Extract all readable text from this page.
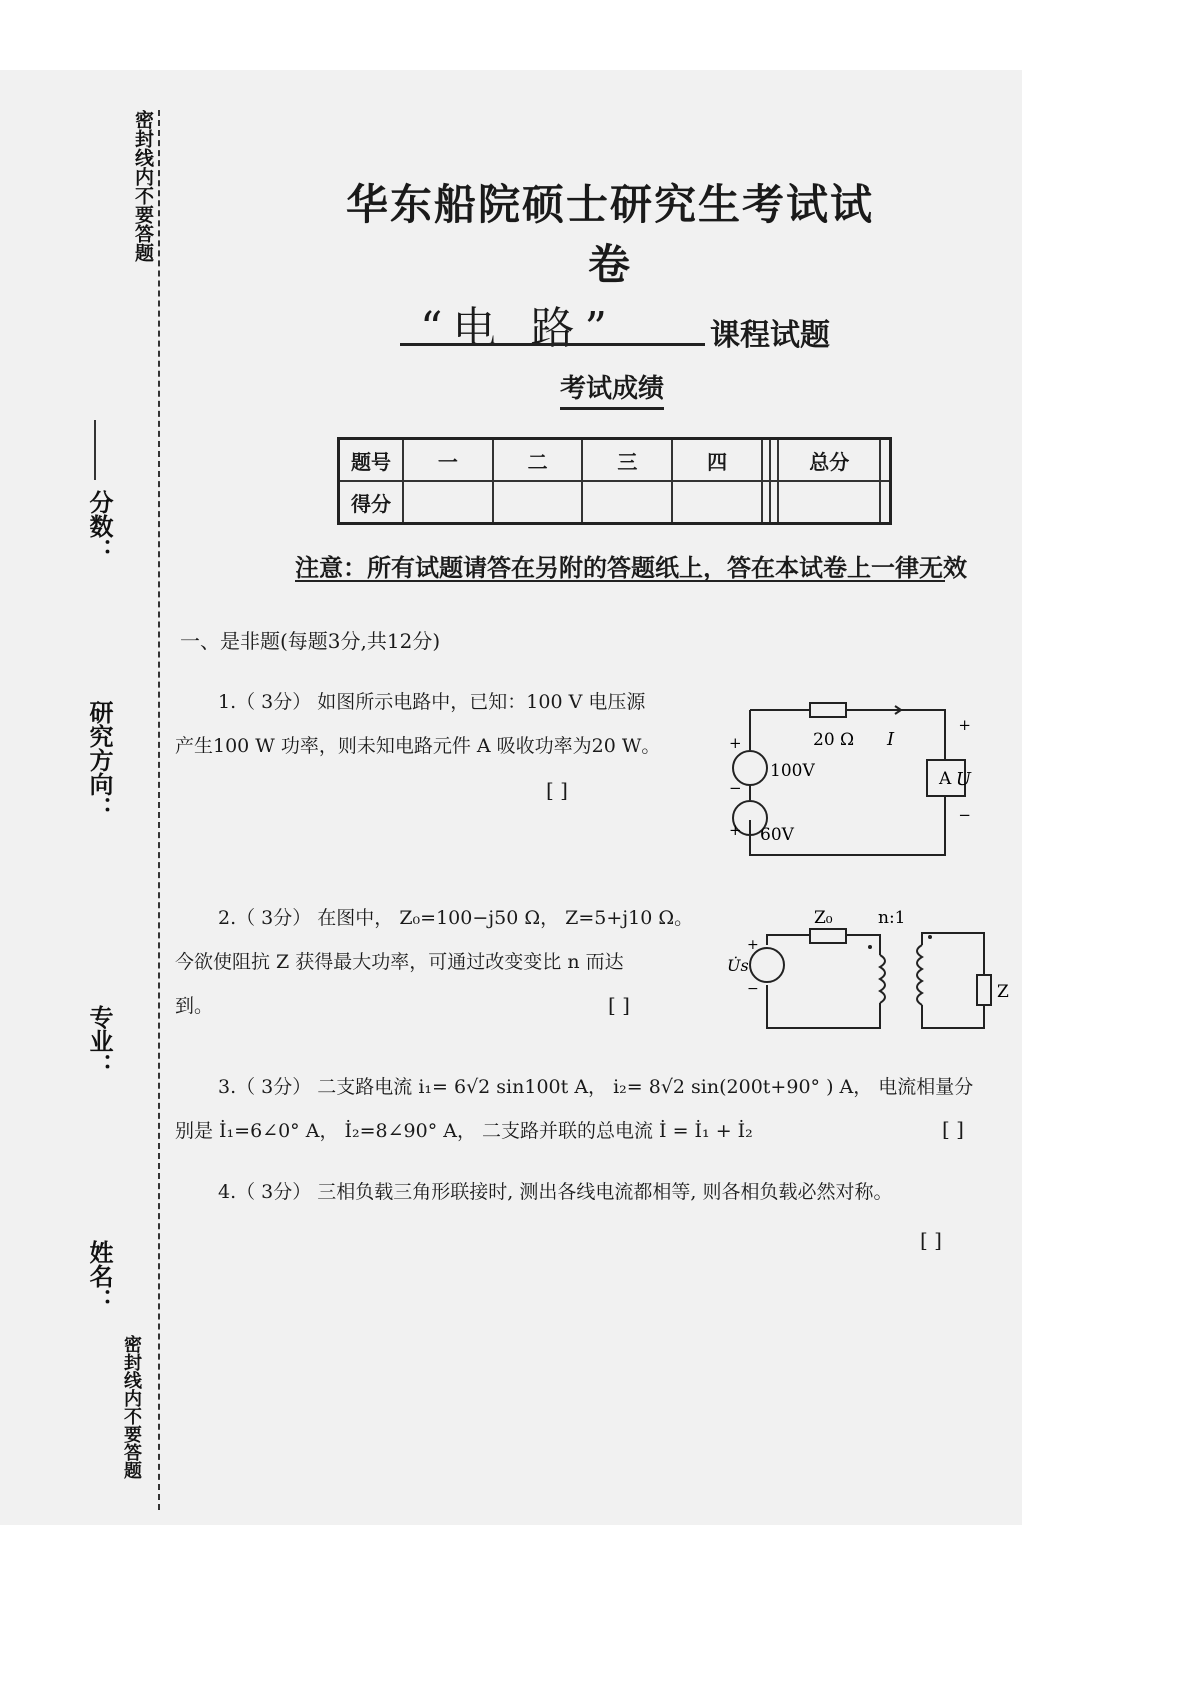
密封线内不要答题
分数：
研究方向：
专业：
姓名：
密封线内不要答题
华东船院硕士研究生考试试卷
“电 路”	课程试题
考试成绩
题号	一	二	三	四			总分	
得分								
注意：所有试题请答在另附的答题纸上，答在本试卷上一律无效
一、是非题(每题3分,共12分)
1.（ 3分） 如图所示电路中，已知：100 V 电压源
产生100 W 功率，则未知电路元件 A 吸收功率为20 W。
[ ]
20 Ω I
100V
60V
A U
+
−
+
+
−
2.（ 3分） 在图中， Z₀=100−j50 Ω， Z=5+j10 Ω。
今欲使阻抗 Z 获得最大功率，可通过改变变比 n 而达
到。	[ ]
Z₀	n:1
U̇s
Z
+
−
3.（ 3分） 二支路电流 i₁= 6√2 sin100t A， i₂= 8√2 sin(200t+90° ) A， 电流相量分
别是 İ₁=6∠0° A， İ₂=8∠90° A， 二支路并联的总电流 İ = İ₁ + İ₂	[ ]
4.（ 3分） 三相负载三角形联接时, 测出各线电流都相等, 则各相负载必然对称。
[ ]
